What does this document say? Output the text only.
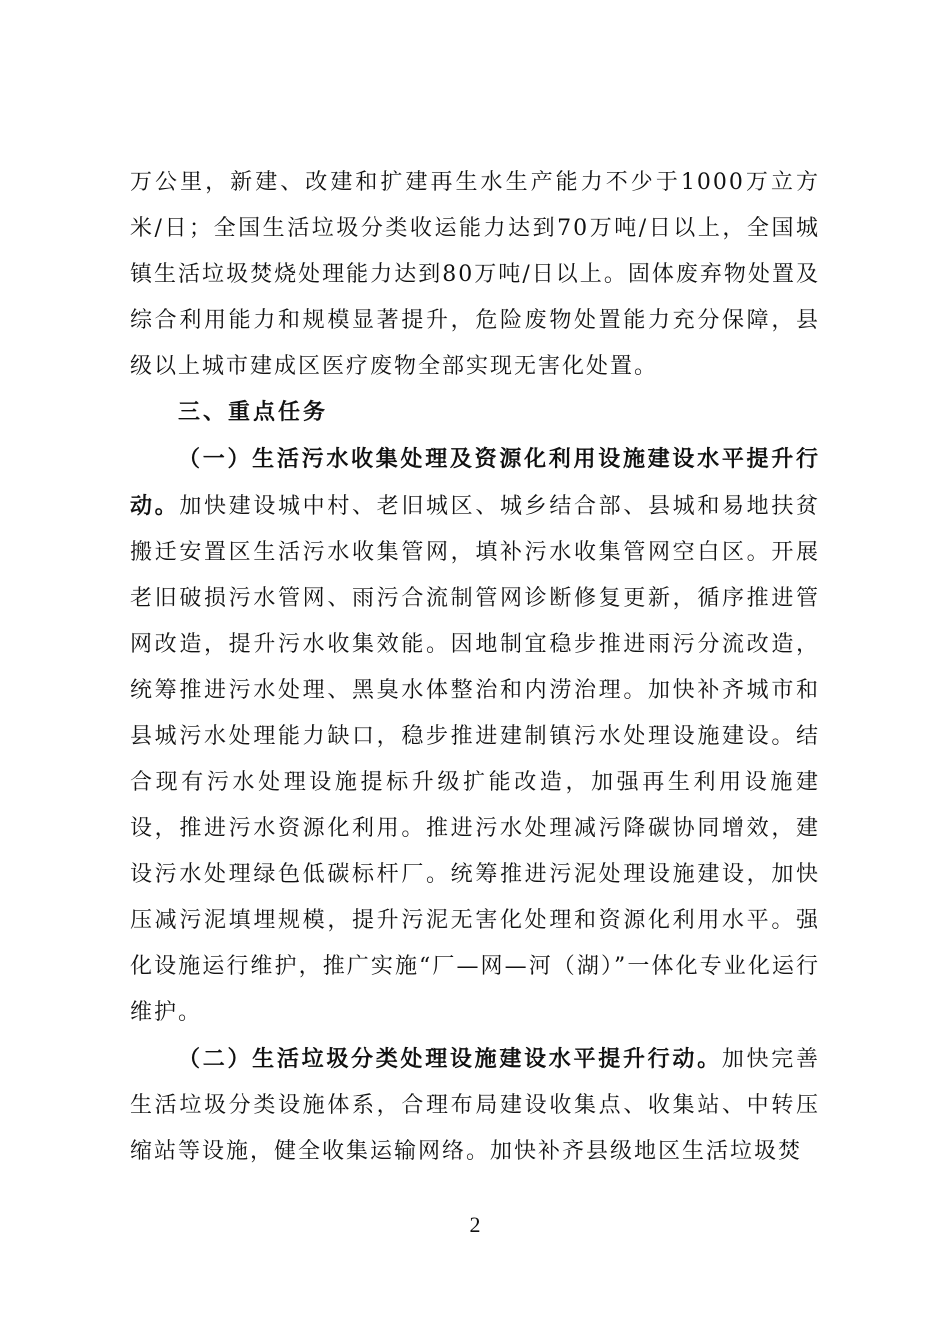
万公里，新建、改建和扩建再生水生产能力不少于1000万立方米/日；全国生活垃圾分类收运能力达到70万吨/日以上，全国城镇生活垃圾焚烧处理能力达到80万吨/日以上。固体废弃物处置及综合利用能力和规模显著提升，危险废物处置能力充分保障，县级以上城市建成区医疗废物全部实现无害化处置。

三、重点任务

（一）生活污水收集处理及资源化利用设施建设水平提升行动。加快建设城中村、老旧城区、城乡结合部、县城和易地扶贫搬迁安置区生活污水收集管网，填补污水收集管网空白区。开展老旧破损污水管网、雨污合流制管网诊断修复更新，循序推进管网改造，提升污水收集效能。因地制宜稳步推进雨污分流改造，统筹推进污水处理、黑臭水体整治和内涝治理。加快补齐城市和县城污水处理能力缺口，稳步推进建制镇污水处理设施建设。结合现有污水处理设施提标升级扩能改造，加强再生利用设施建设，推进污水资源化利用。推进污水处理减污降碳协同增效，建设污水处理绿色低碳标杆厂。统筹推进污泥处理设施建设，加快压减污泥填埋规模，提升污泥无害化处理和资源化利用水平。强化设施运行维护，推广实施“厂—网—河（湖）”一体化专业化运行维护。

（二）生活垃圾分类处理设施建设水平提升行动。加快完善生活垃圾分类设施体系，合理布局建设收集点、收集站、中转压缩站等设施，健全收集运输网络。加快补齐县级地区生活垃圾焚

2
